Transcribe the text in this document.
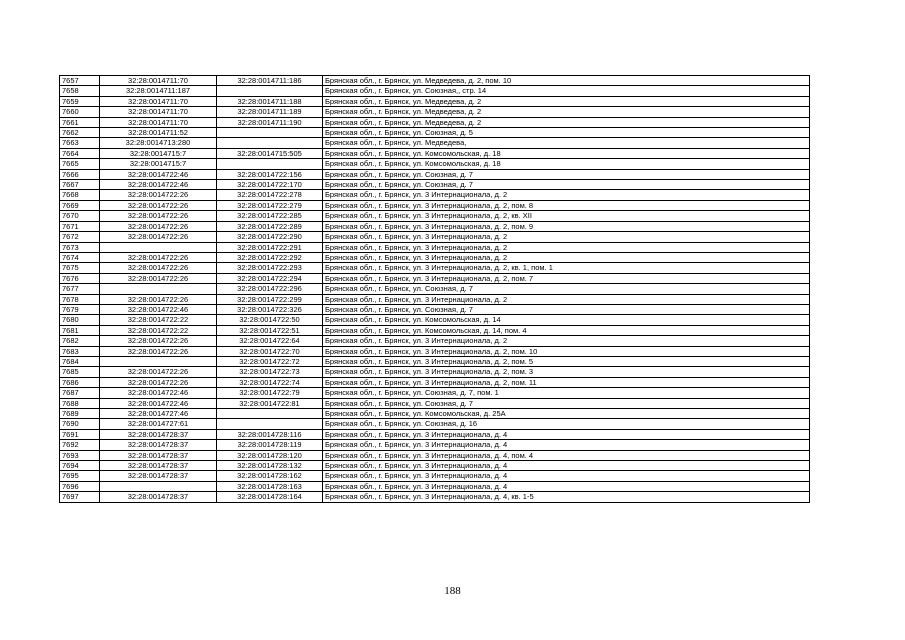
7657	32:28:0014711:70	32:28:0014711:186	Брянская обл., г. Брянск, ул. Медведева, д. 2, пом. 10
7658	32:28:0014711:187		Брянская обл., г. Брянск, ул. Союзная,, стр. 14
7659	32:28:0014711:70	32:28:0014711:188	Брянская обл., г. Брянск, ул. Медведева, д. 2
7660	32:28:0014711:70	32:28:0014711:189	Брянская обл., г. Брянск, ул. Медведева, д. 2
7661	32:28:0014711:70	32:28:0014711:190	Брянская обл., г. Брянск, ул. Медведева, д. 2
7662	32:28:0014711:52		Брянская обл., г. Брянск, ул. Союзная, д. 5
7663	32:28:0014713:280		Брянская обл., г. Брянск, ул. Медведева,
7664	32:28:0014715:7	32:28:0014715:505	Брянская обл., г. Брянск, ул. Комсомольская, д. 18
7665	32:28:0014715:7		Брянская обл., г. Брянск, ул. Комсомольская, д. 18
7666	32:28:0014722:46	32:28:0014722:156	Брянская обл., г. Брянск, ул. Союзная, д. 7
7667	32:28:0014722:46	32:28:0014722:170	Брянская обл., г. Брянск, ул. Союзная, д. 7
7668	32:28:0014722:26	32:28:0014722:278	Брянская обл., г. Брянск, ул. 3 Интернационала, д. 2
7669	32:28:0014722:26	32:28:0014722:279	Брянская обл., г. Брянск, ул. 3 Интернационала, д. 2, пом. 8
7670	32:28:0014722:26	32:28:0014722:285	Брянская обл., г. Брянск, ул. 3 Интернационала, д. 2, кв. XII
7671	32:28:0014722:26	32:28:0014722:289	Брянская обл., г. Брянск, ул. 3 Интернационала, д. 2, пом. 9
7672	32:28:0014722:26	32:28:0014722:290	Брянская обл., г. Брянск, ул. 3 Интернационала, д. 2
7673		32:28:0014722:291	Брянская обл., г. Брянск, ул. 3 Интернационала, д. 2
7674	32:28:0014722:26	32:28:0014722:292	Брянская обл., г. Брянск, ул. 3 Интернационала, д. 2
7675	32:28:0014722:26	32:28:0014722:293	Брянская обл., г. Брянск, ул. 3 Интернационала, д. 2, кв. 1, пом. 1
7676	32:28:0014722:26	32:28:0014722:294	Брянская обл., г. Брянск, ул. 3 Интернационала, д. 2, пом. 7
7677		32:28:0014722:296	Брянская обл., г. Брянск, ул. Союзная, д. 7
7678	32:28:0014722:26	32:28:0014722:299	Брянская обл., г. Брянск, ул. 3 Интернационала, д. 2
7679	32:28:0014722:46	32:28:0014722:326	Брянская обл., г. Брянск, ул. Союзная, д. 7
7680	32:28:0014722:22	32:28:0014722:50	Брянская обл., г. Брянск, ул. Комсомольская, д. 14
7681	32:28:0014722:22	32:28:0014722:51	Брянская обл., г. Брянск, ул. Комсомольская, д. 14, пом. 4
7682	32:28:0014722:26	32:28:0014722:64	Брянская обл., г. Брянск, ул. 3 Интернационала, д. 2
7683	32:28:0014722:26	32:28:0014722:70	Брянская обл., г. Брянск, ул. 3 Интернационала, д. 2, пом. 10
7684		32:28:0014722:72	Брянская обл., г. Брянск, ул. 3 Интернационала, д. 2, пом. 5
7685	32:28:0014722:26	32:28:0014722:73	Брянская обл., г. Брянск, ул. 3 Интернационала, д. 2, пом. 3
7686	32:28:0014722:26	32:28:0014722:74	Брянская обл., г. Брянск, ул. 3 Интернационала, д. 2, пом. 11
7687	32:28:0014722:46	32:28:0014722:79	Брянская обл., г. Брянск, ул. Союзная, д. 7, пом. 1
7688	32:28:0014722:46	32:28:0014722:81	Брянская обл., г. Брянск, ул. Союзная, д. 7
7689	32:28:0014727:46		Брянская обл., г. Брянск, ул. Комсомольская, д. 25А
7690	32:28:0014727:61		Брянская обл., г. Брянск, ул. Союзная, д. 16
7691	32:28:0014728:37	32:28:0014728:116	Брянская обл., г. Брянск, ул. 3 Интернационала, д. 4
7692	32:28:0014728:37	32:28:0014728:119	Брянская обл., г. Брянск, ул. 3 Интернационала, д. 4
7693	32:28:0014728:37	32:28:0014728:120	Брянская обл., г. Брянск, ул. 3 Интернационала, д. 4, пом. 4
7694	32:28:0014728:37	32:28:0014728:132	Брянская обл., г. Брянск, ул. 3 Интернационала, д. 4
7695	32:28:0014728:37	32:28:0014728:162	Брянская обл., г. Брянск, ул. 3 Интернационала, д. 4
7696		32:28:0014728:163	Брянская обл., г. Брянск, ул. 3 Интернационала, д. 4
7697	32:28:0014728:37	32:28:0014728:164	Брянская обл., г. Брянск, ул. 3 Интернационала, д. 4, кв. 1-5
188
